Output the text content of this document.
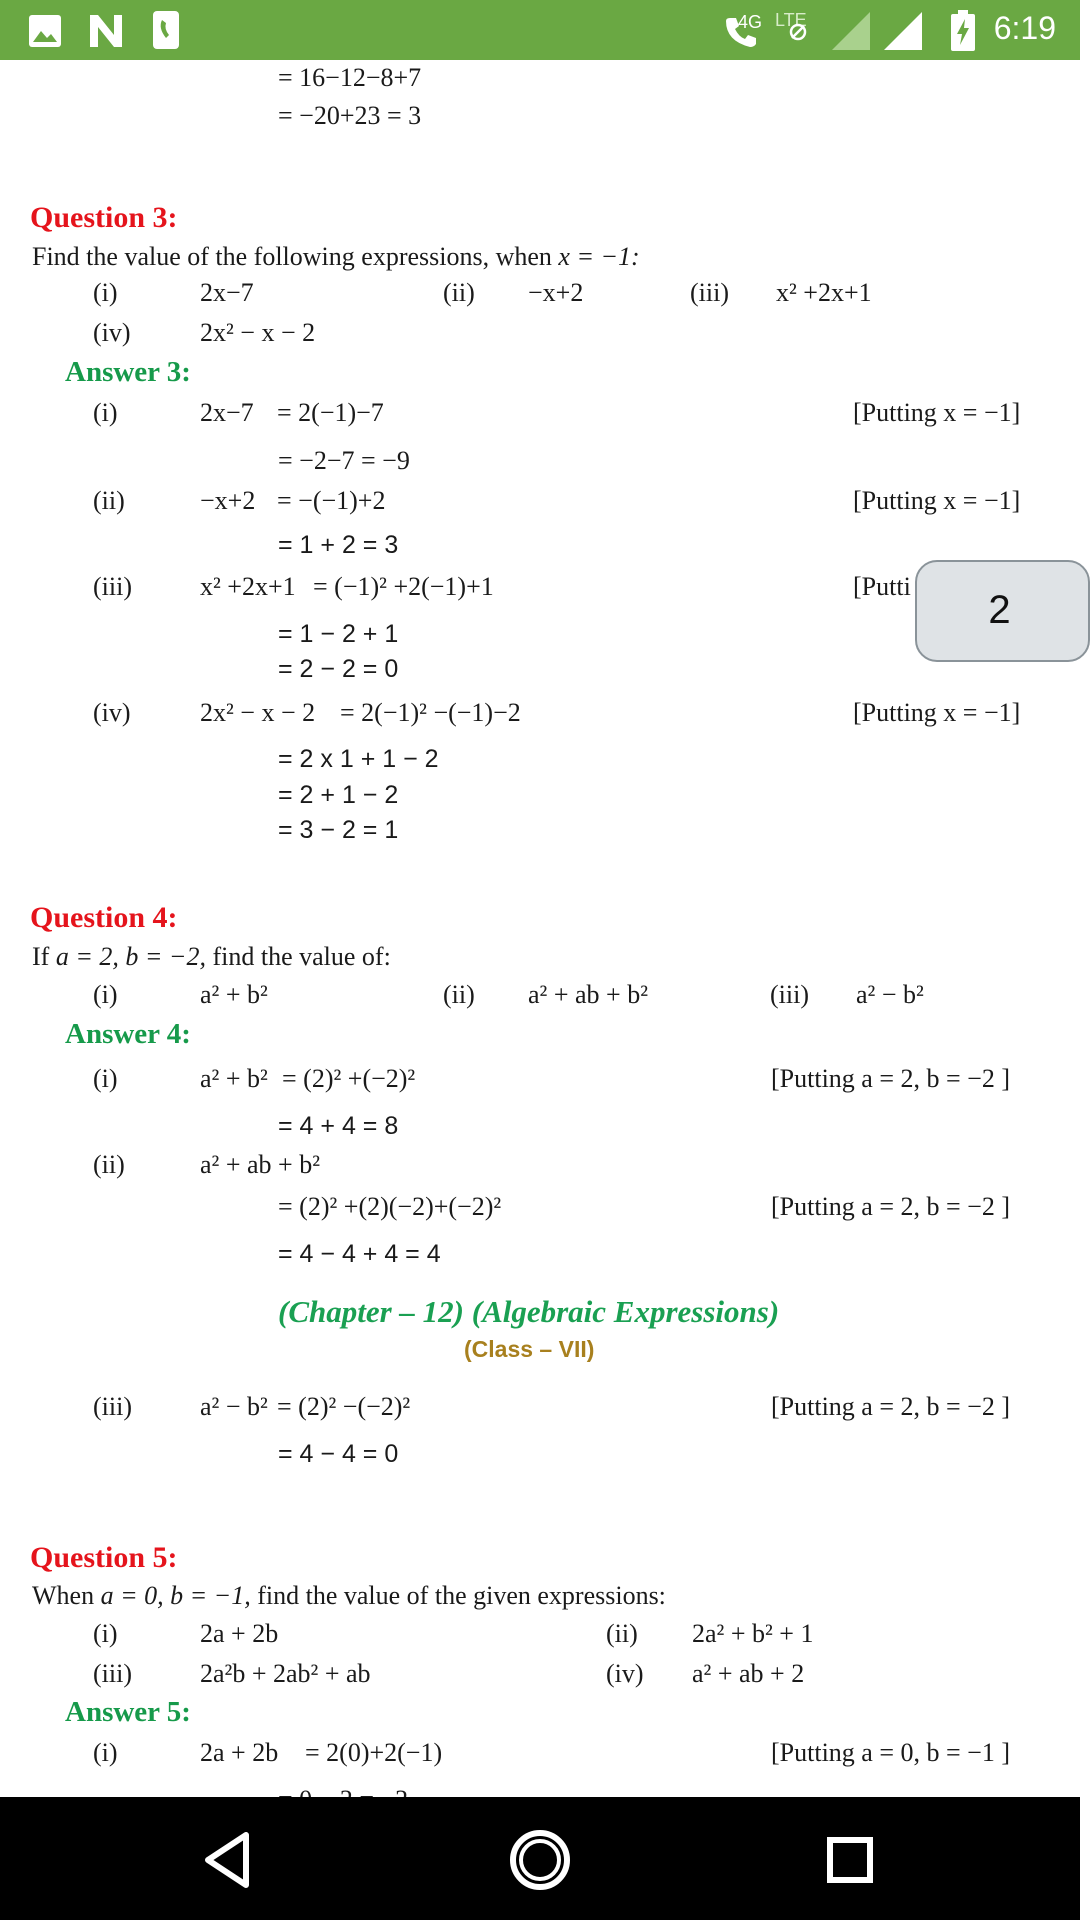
4G LTE	6:19
= 16−12−8+7
= −20+23 = 3
Question 3:
Find the value of the following expressions, when x = −1:
(i)	2x−7	(ii) −x+2	(iii) x² +2x+1
(iv)	2x² − x − 2
Answer 3:
(i)	2x−7 = 2(−1)−7	[Putting x = −1]
= −2−7 = −9
(ii)	−x+2 = −(−1)+2	[Putting x = −1]
= 1 + 2 = 3
(iii)	x² +2x+1 = (−1)² +2(−1)+1	[Putti
= 1 − 2 + 1
= 2 − 2 = 0
(iv)	2x² − x − 2 = 2(−1)² −(−1)−2	[Putting x = −1]
= 2 x 1 + 1 − 2
= 2 + 1 − 2
= 3 − 2 = 1
Question 4:
If a = 2, b = −2, find the value of:
(i)	a² + b²	(ii) a² + ab + b²	(iii) a² − b²
Answer 4:
(i)	a² + b² = (2)² +(−2)²	[Putting a = 2, b = −2 ]
= 4 + 4 = 8
(ii)	a² + ab + b²
= (2)² +(2)(−2)+(−2)²	[Putting a = 2, b = −2 ]
= 4 − 4 + 4 = 4
(Chapter – 12) (Algebraic Expressions)
(Class – VII)
(iii)	a² − b² = (2)² −(−2)²	[Putting a = 2, b = −2 ]
= 4 − 4 = 0
Question 5:
When a = 0, b = −1, find the value of the given expressions:
(i)	2a + 2b	(ii) 2a² + b² + 1
(iii)	2a²b + 2ab² + ab	(iv) a² + ab + 2
Answer 5:
(i)	2a + 2b = 2(0)+2(−1)	[Putting a = 0, b = −1 ]
2
